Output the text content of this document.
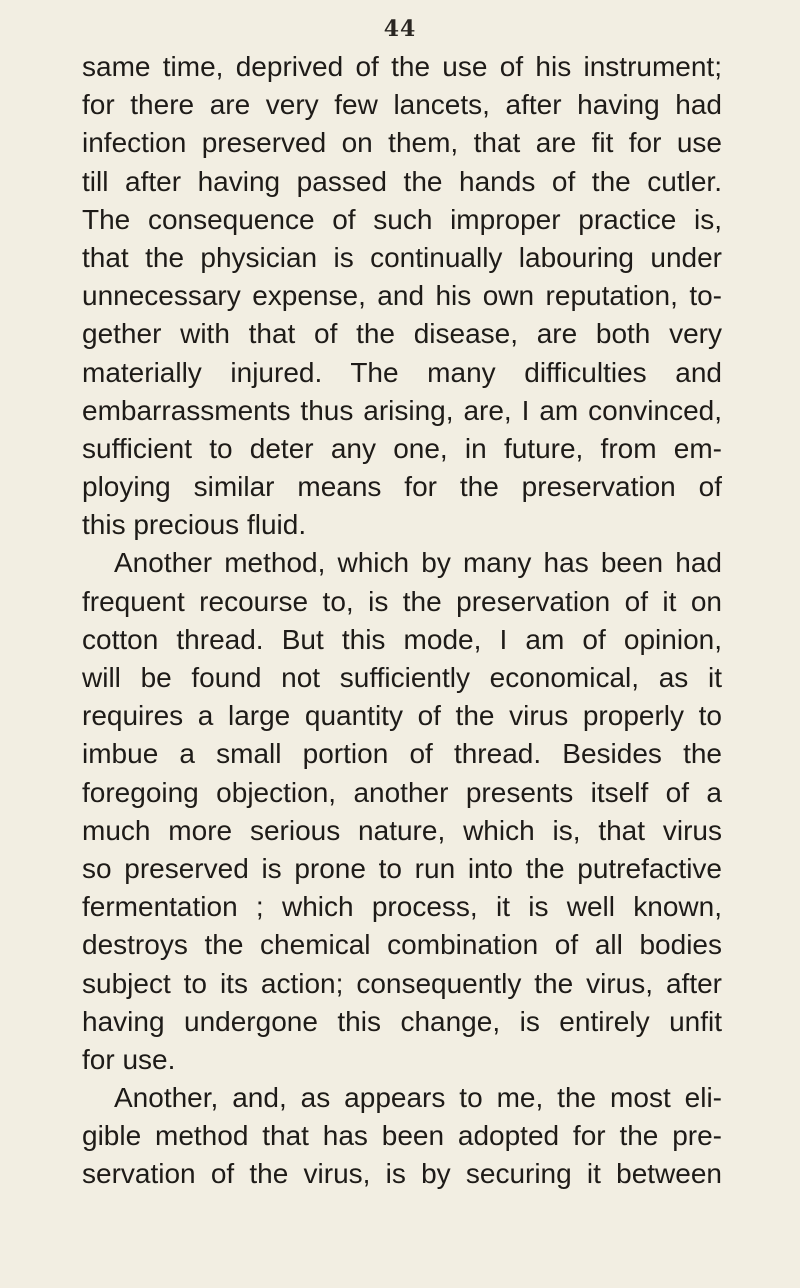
44
same time, deprived of the use of his instrument;
for there are very few lancets, after having had
infection preserved on them, that are fit for use
till after having passed the hands of the cutler.
The consequence of such improper practice is,
that the physician is continually labouring under
unnecessary expense, and his own reputation, to-
gether with that of the disease, are both very
materially injured. The many difficulties and
embarrassments thus arising, are, I am convinced,
sufficient to deter any one, in future, from em-
ploying similar means for the preservation of
this precious fluid.
Another method, which by many has been had
frequent recourse to, is the preservation of it on
cotton thread. But this mode, I am of opinion,
will be found not sufficiently economical, as it
requires a large quantity of the virus properly to
imbue a small portion of thread. Besides the
foregoing objection, another presents itself of a
much more serious nature, which is, that virus
so preserved is prone to run into the putrefactive
fermentation ; which process, it is well known,
destroys the chemical combination of all bodies
subject to its action; consequently the virus, after
having undergone this change, is entirely unfit
for use.
Another, and, as appears to me, the most eli-
gible method that has been adopted for the pre-
servation of the virus, is by securing it between
